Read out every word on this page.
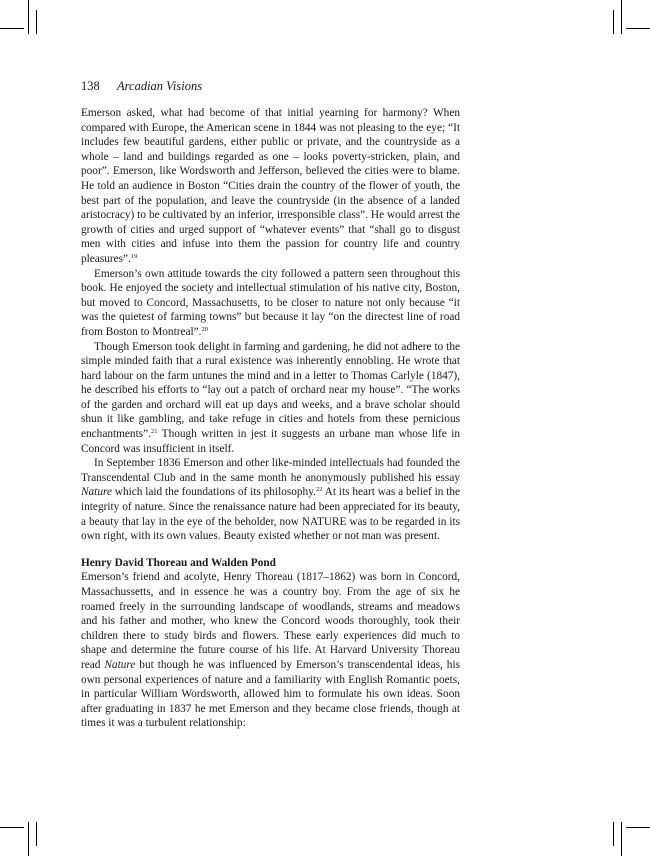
138 Arcadian Visions

Emerson asked, what had become of that initial yearning for harmony? When compared with Europe, the American scene in 1844 was not pleasing to the eye; “It includes few beautiful gardens, either public or private, and the countryside as a whole – land and buildings regarded as one – looks poverty-stricken, plain, and poor”. Emerson, like Wordsworth and Jefferson, believed the cities were to blame. He told an audience in Boston “Cities drain the country of the flower of youth, the best part of the population, and leave the countryside (in the absence of a landed aristocracy) to be cultivated by an inferior, irresponsible class”. He would arrest the growth of cities and urged support of “whatever events” that “shall go to disgust men with cities and infuse into them the passion for country life and country pleasures”.$^{19}$

Emerson’s own attitude towards the city followed a pattern seen throughout this book. He enjoyed the society and intellectual stimulation of his native city, Boston, but moved to Concord, Massachusetts, to be closer to nature not only because “it was the quietest of farming towns” but because it lay “on the directest line of road from Boston to Montreal”.$^{20}$

Though Emerson took delight in farming and gardening, he did not adhere to the simple minded faith that a rural existence was inherently ennobling. He wrote that hard labour on the farm untunes the mind and in a letter to Thomas Carlyle (1847), he described his efforts to “lay out a patch of orchard near my house”. “The works of the garden and orchard will eat up days and weeks, and a brave scholar should shun it like gambling, and take refuge in cities and hotels from these pernicious enchantments”.$^{21}$ Though written in jest it suggests an urbane man whose life in Concord was insufficient in itself.

In September 1836 Emerson and other like-minded intellectuals had founded the Transcendental Club and in the same month he anonymously published his essay Nature which laid the foundations of its philosophy.$^{22}$ At its heart was a belief in the integrity of nature. Since the renaissance nature had been appreciated for its beauty, a beauty that lay in the eye of the beholder, now NATURE was to be regarded in its own right, with its own values. Beauty existed whether or not man was present.

Henry David Thoreau and Walden Pond

Emerson’s friend and acolyte, Henry Thoreau (1817–1862) was born in Concord, Massachussetts, and in essence he was a country boy. From the age of six he roamed freely in the surrounding landscape of woodlands, streams and meadows and his father and mother, who knew the Concord woods thoroughly, took their children there to study birds and flowers. These early experiences did much to shape and determine the future course of his life. At Harvard University Thoreau read Nature but though he was influenced by Emerson’s transcendental ideas, his own personal experiences of nature and a familiarity with English Romantic poets, in particular William Wordsworth, allowed him to formulate his own ideas. Soon after graduating in 1837 he met Emerson and they became close friends, though at times it was a turbulent relationship:
